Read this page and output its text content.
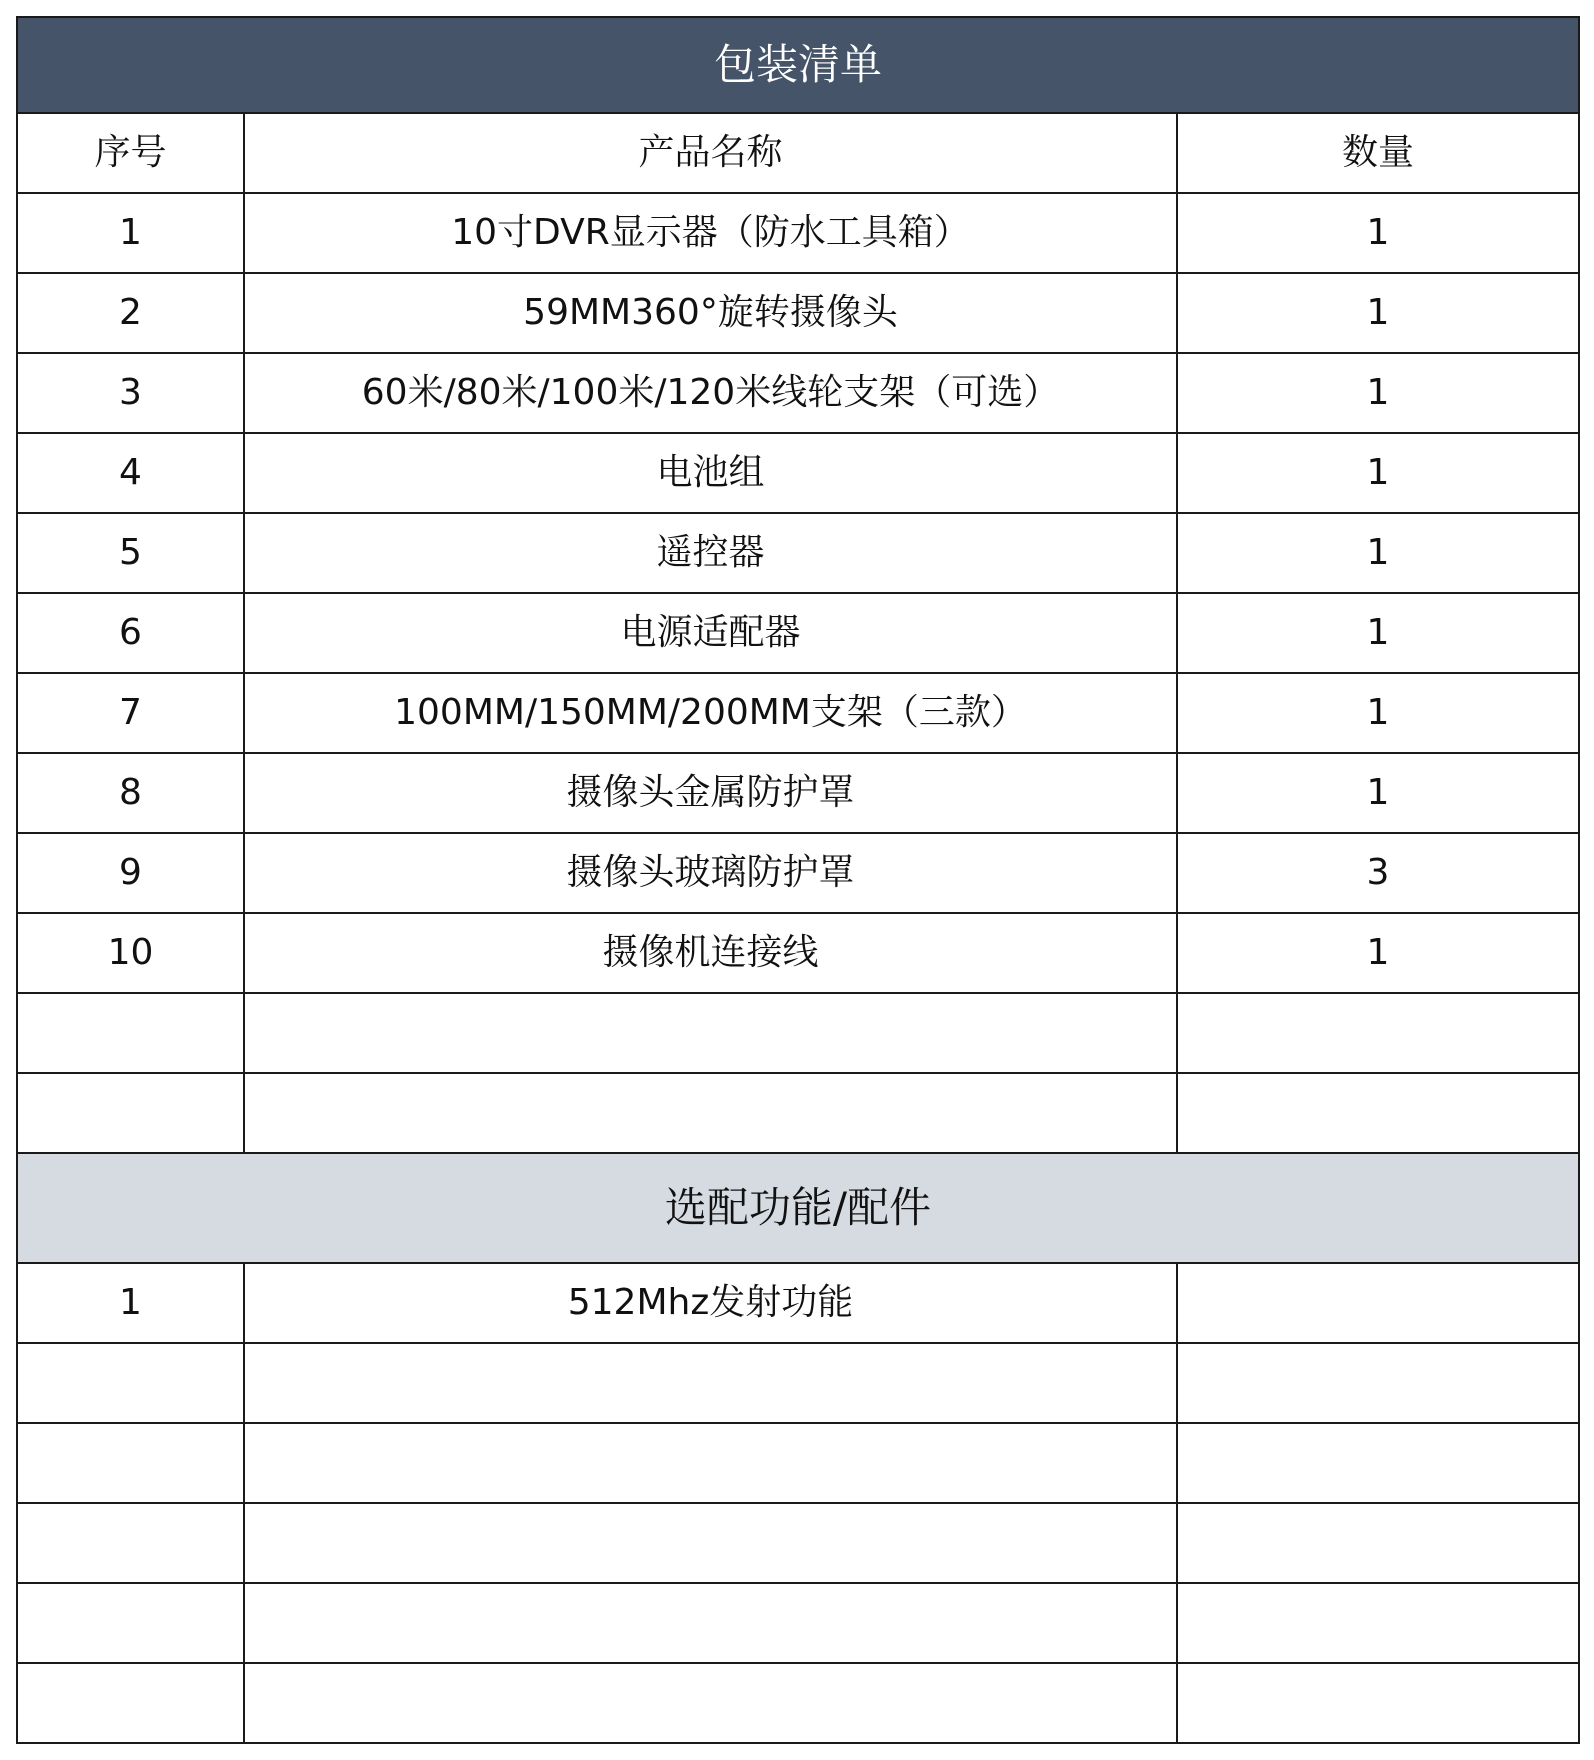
包装清单		
序号	产品名称	数量
1	10寸DVR显示器（防水工具箱）	1
2	59MM360°旋转摄像头	1
3	60米/80米/100米/120米线轮支架（可选）	1
4	电池组	1
5	遥控器	1
6	电源适配器	1
7	100MM/150MM/200MM支架（三款）	1
8	摄像头金属防护罩	1
9	摄像头玻璃防护罩	3
10	摄像机连接线	1

选配功能/配件		
1	512Mhz发射功能	
